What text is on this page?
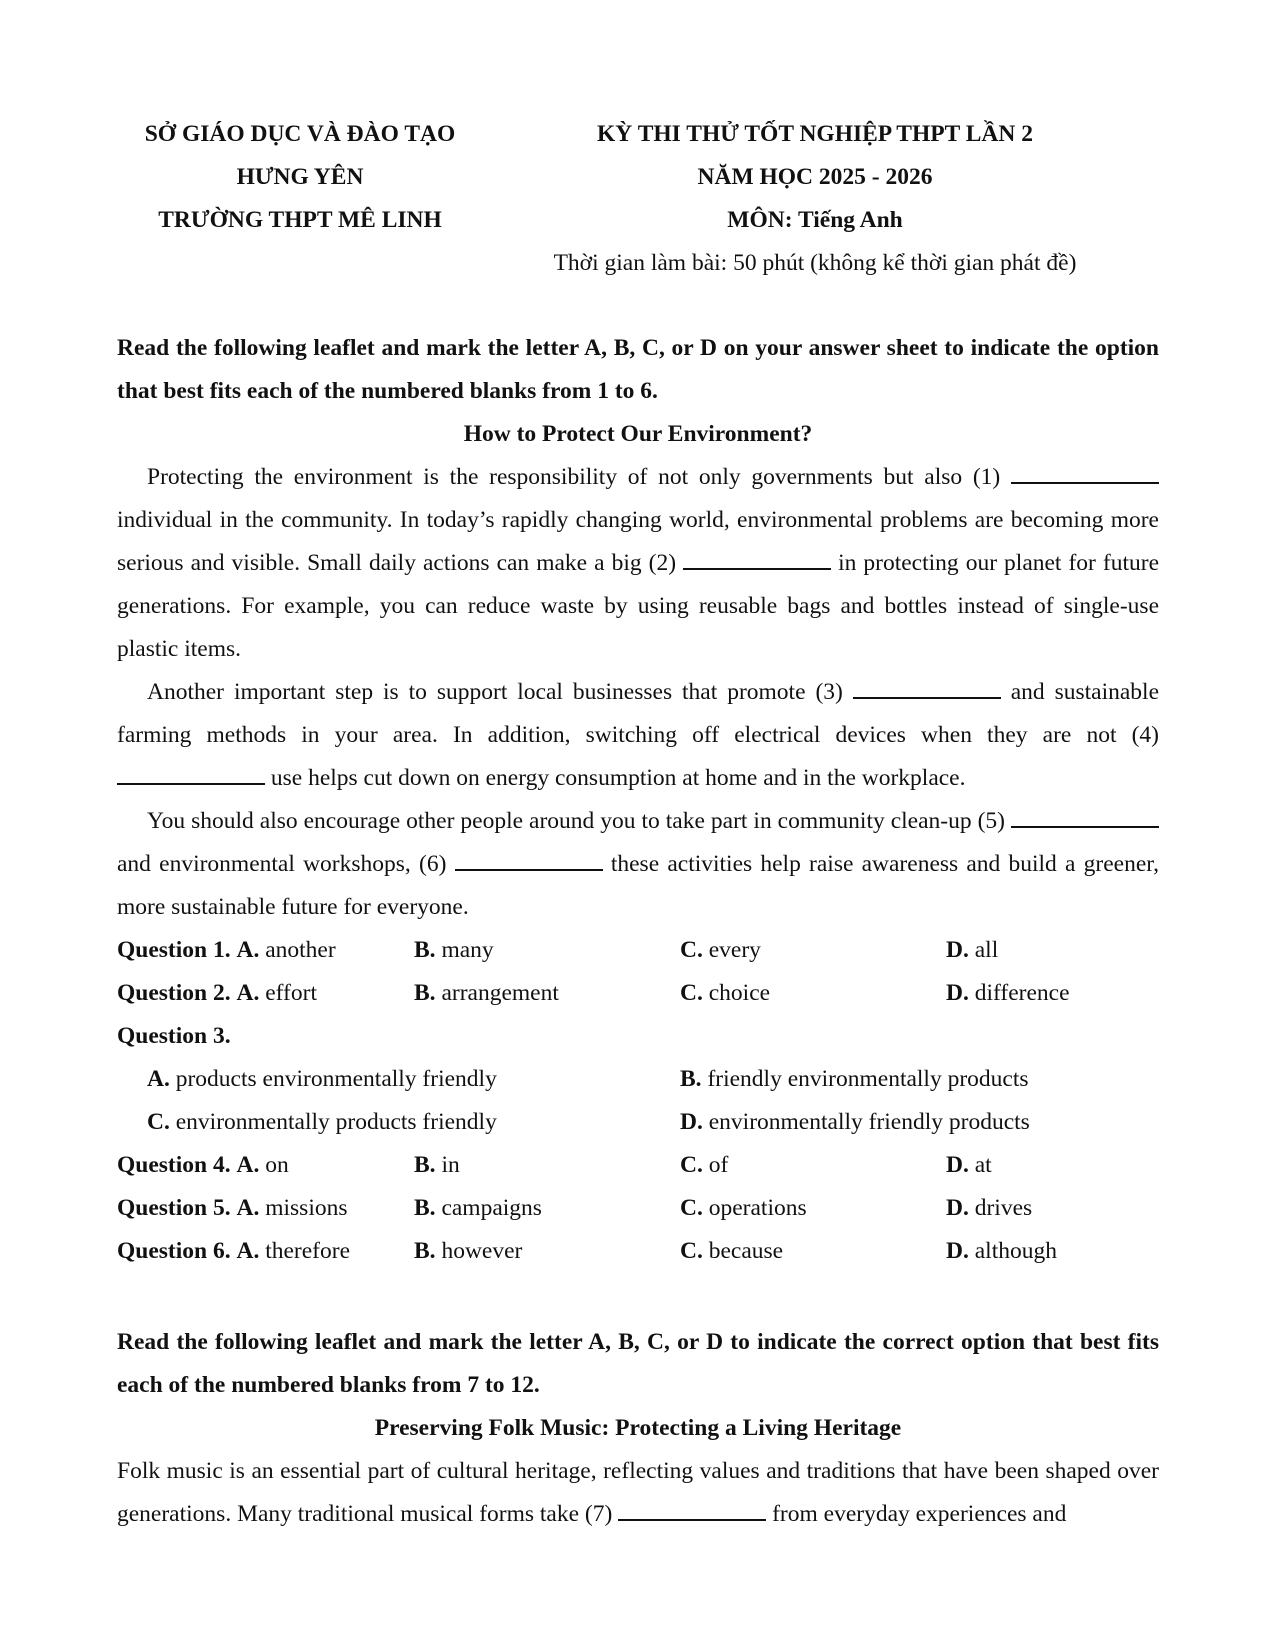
SỞ GIÁO DỤC VÀ ĐÀO TẠO
HƯNG YÊN
TRƯỜNG THPT MÊ LINH
KỲ THI THỬ TỐT NGHIỆP THPT LẦN 2
NĂM HỌC 2025 - 2026
MÔN: Tiếng Anh
Thời gian làm bài: 50 phút (không kể thời gian phát đề)
Read the following leaflet and mark the letter A, B, C, or D on your answer sheet to indicate the option that best fits each of the numbered blanks from 1 to 6.
How to Protect Our Environment?
Protecting the environment is the responsibility of not only governments but also (1)  individual in the community. In today’s rapidly changing world, environmental problems are becoming more serious and visible. Small daily actions can make a big (2)	in protecting our planet for future generations. For example, you can reduce waste by using reusable bags and bottles instead of single-use plastic items.
Another important step is to support local businesses that promote (3)	and sustainable farming methods in your area. In addition, switching off electrical devices when they are not (4)  use helps cut down on energy consumption at home and in the workplace.
You should also encourage other people around you to take part in community clean-up (5)  and environmental workshops, (6)	these activities help raise awareness and build a greener, more sustainable future for everyone.
Question 1. A. another	B. many	C. every	D. all
Question 2. A. effort	B. arrangement	C. choice	D. difference
Question 3.
A. products environmentally friendly	B. friendly environmentally products
C. environmentally products friendly	D. environmentally friendly products
Question 4. A. on	B. in	C. of	D. at
Question 5. A. missions	B. campaigns	C. operations	D. drives
Question 6. A. therefore	B. however	C. because	D. although
Read the following leaflet and mark the letter A, B, C, or D to indicate the correct option that best fits each of the numbered blanks from 7 to 12.
Preserving Folk Music: Protecting a Living Heritage
Folk music is an essential part of cultural heritage, reflecting values and traditions that have been shaped over generations. Many traditional musical forms take (7)	from everyday experiences and
